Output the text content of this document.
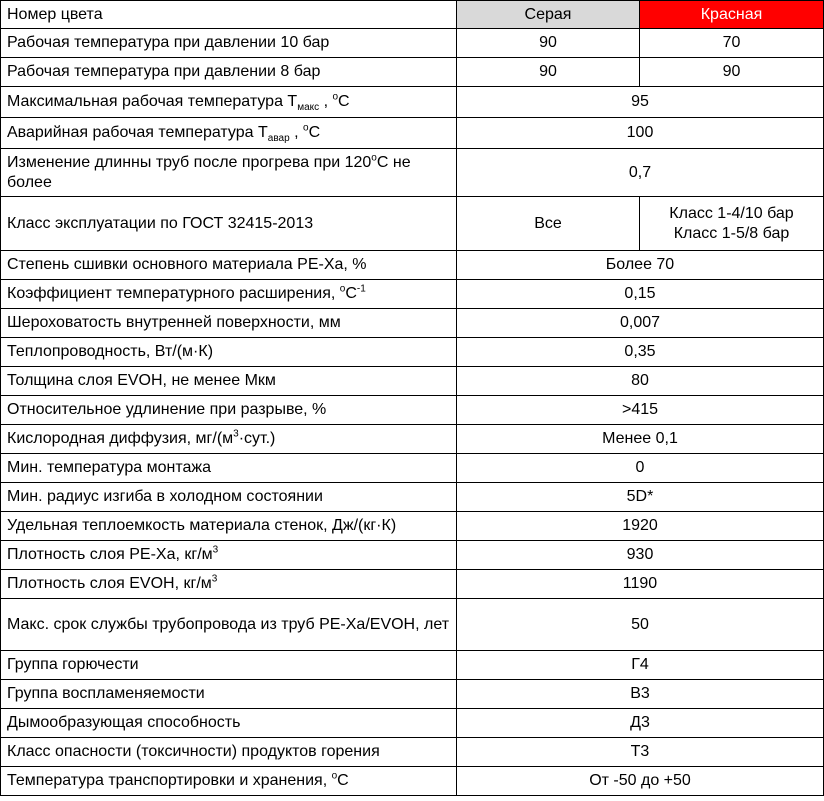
Номер цвета	Серая	Красная
Рабочая температура при давлении 10 бар	90	70
Рабочая температура при давлении 8 бар	90	90
Максимальная рабочая температура $Т_{макс}$ , $^o$C	95	
Аварийная рабочая температура $Т_{авар}$ , $^o$C	100	
Изменение длинны труб после прогрева при 120$^o$C не более	0,7	
Класс эксплуатации по ГОСТ 32415-2013	Все	Класс 1-4/10 бар
Класс 1-5/8 бар

Степень сшивки основного материала PE-Xa, %	Более 70	
Коэффициент температурного расширения, $^oC^{-1}$	0,15	
Шероховатость внутренней поверхности, мм	0,007	
Теплопроводность, Вт/(м·К)	0,35	
Толщина слоя EVOH, не менее Мкм	80	
Относительное удлинение при разрыве, %	>415	
Кислородная диффузия, $мг/(м^3\cdot сут.)$	Менее 0,1	
Мин. температура монтажа	0	
Мин. радиус изгиба в холодном состоянии	5D*	
Удельная теплоемкость материала стенок, Дж/(кг·К)	1920	
Плотность слоя PE-Xa, $кг/м^3$	930	
Плотность слоя EVOH, $кг/м^3$	1190	
Макс. срок службы трубопровода из труб PE-Xa/EVOH, лет	50	
Группа горючести	Г4	
Группа воспламеняемости	В3	
Дымообразующая способность	Д3	
Класс опасности (токсичности) продуктов горения	Т3	
Температура транспортировки и хранения, $^o$C	От -50 до +50	
